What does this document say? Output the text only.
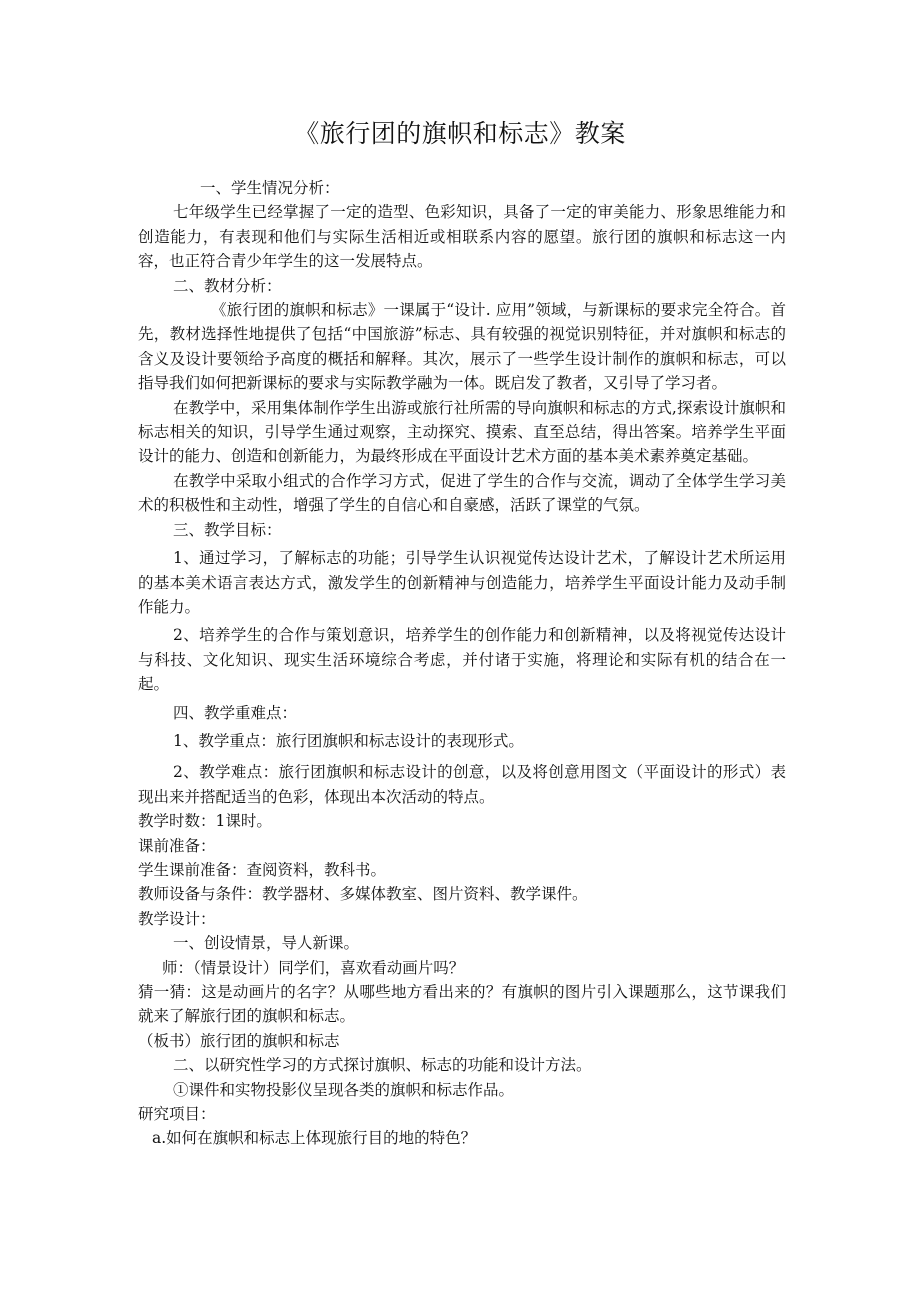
《旅行团的旗帜和标志》教案

一、学生情况分析：

七年级学生已经掌握了一定的造型、色彩知识，具备了一定的审美能力、形象思维能力和创造能力，有表现和他们与实际生活相近或相联系内容的愿望。旅行团的旗帜和标志这一内容，也正符合青少年学生的这一发展特点。

二、教材分析：

《旅行团的旗帜和标志》一课属于“设计. 应用”领域，与新课标的要求完全符合。首先，教材选择性地提供了包括“中国旅游”标志、具有较强的视觉识别特征，并对旗帜和标志的含义及设计要领给予高度的概括和解释。其次，展示了一些学生设计制作的旗帜和标志，可以指导我们如何把新课标的要求与实际教学融为一体。既启发了教者，又引导了学习者。

在教学中，采用集体制作学生出游或旅行社所需的导向旗帜和标志的方式,探索设计旗帜和标志相关的知识，引导学生通过观察，主动探究、摸索、直至总结，得出答案。培养学生平面设计的能力、创造和创新能力，为最终形成在平面设计艺术方面的基本美术素养奠定基础。

在教学中采取小组式的合作学习方式，促进了学生的合作与交流，调动了全体学生学习美术的积极性和主动性，增强了学生的自信心和自豪感，活跃了课堂的气氛。

三、教学目标：

1、通过学习，了解标志的功能；引导学生认识视觉传达设计艺术，了解设计艺术所运用的基本美术语言表达方式，激发学生的创新精神与创造能力，培养学生平面设计能力及动手制作能力。

2、培养学生的合作与策划意识，培养学生的创作能力和创新精神，以及将视觉传达设计与科技、文化知识、现实生活环境综合考虑，并付诸于实施，将理论和实际有机的结合在一起。

四、教学重难点：

1、教学重点：旅行团旗帜和标志设计的表现形式。

2、教学难点：旅行团旗帜和标志设计的创意，以及将创意用图文（平面设计的形式）表现出来并搭配适当的色彩，体现出本次活动的特点。

教学时数：1课时。

课前准备：

学生课前准备：查阅资料，教科书。

教师设备与条件：教学器材、多媒体教室、图片资料、教学课件。

教学设计：

一、创设情景，导人新课。

师：（情景设计）同学们，喜欢看动画片吗？

猜一猜：这是动画片的名字？从哪些地方看出来的？有旗帜的图片引入课题那么，这节课我们就来了解旅行团的旗帜和标志。

（板书）旅行团的旗帜和标志

二、以研究性学习的方式探讨旗帜、标志的功能和设计方法。

①课件和实物投影仪呈现各类的旗帜和标志作品。

研究项目：

a.如何在旗帜和标志上体现旅行目的地的特色？
